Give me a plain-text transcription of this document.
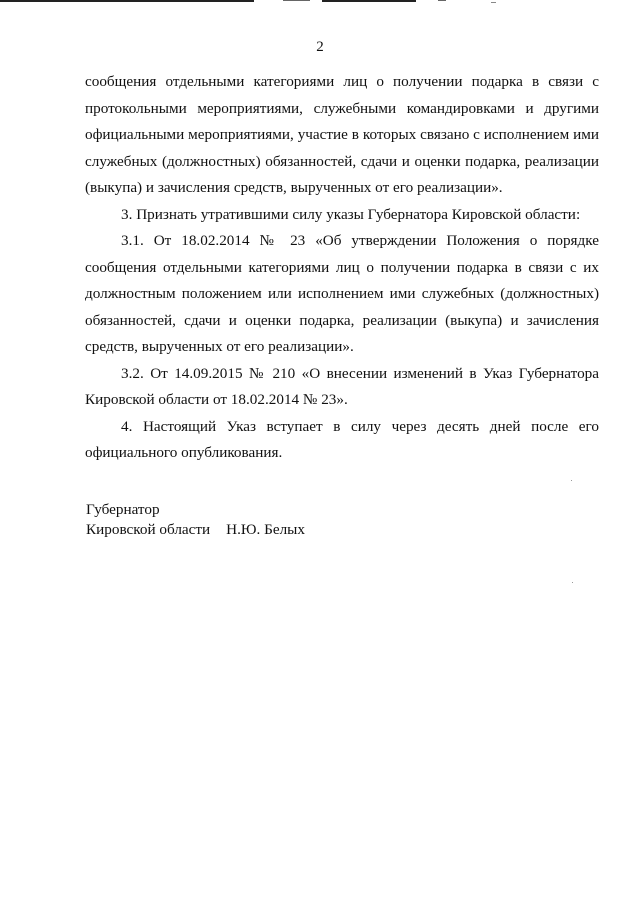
2

сообщения отдельными категориями лиц о получении подарка в связи с протокольными мероприятиями, служебными командировками и другими официальными мероприятиями, участие в которых связано с исполнением ими служебных (должностных) обязанностей, сдачи и оценки подарка, реализации (выкупа) и зачисления средств, вырученных от его реализации».

3. Признать утратившими силу указы Губернатора Кировской области:

3.1. От 18.02.2014 № 23 «Об утверждении Положения о порядке сообщения отдельными категориями лиц о получении подарка в связи с их должностным положением или исполнением ими служебных (должностных) обязанностей, сдачи и оценки подарка, реализации (выкупа) и зачисления средств, вырученных от его реализации».

3.2. От 14.09.2015 № 210 «О внесении изменений в Указ Губернатора Кировской области от 18.02.2014 № 23».

4. Настоящий Указ вступает в силу через десять дней после его официального опубликования.

Губернатор
Кировской области Н.Ю. Белых
